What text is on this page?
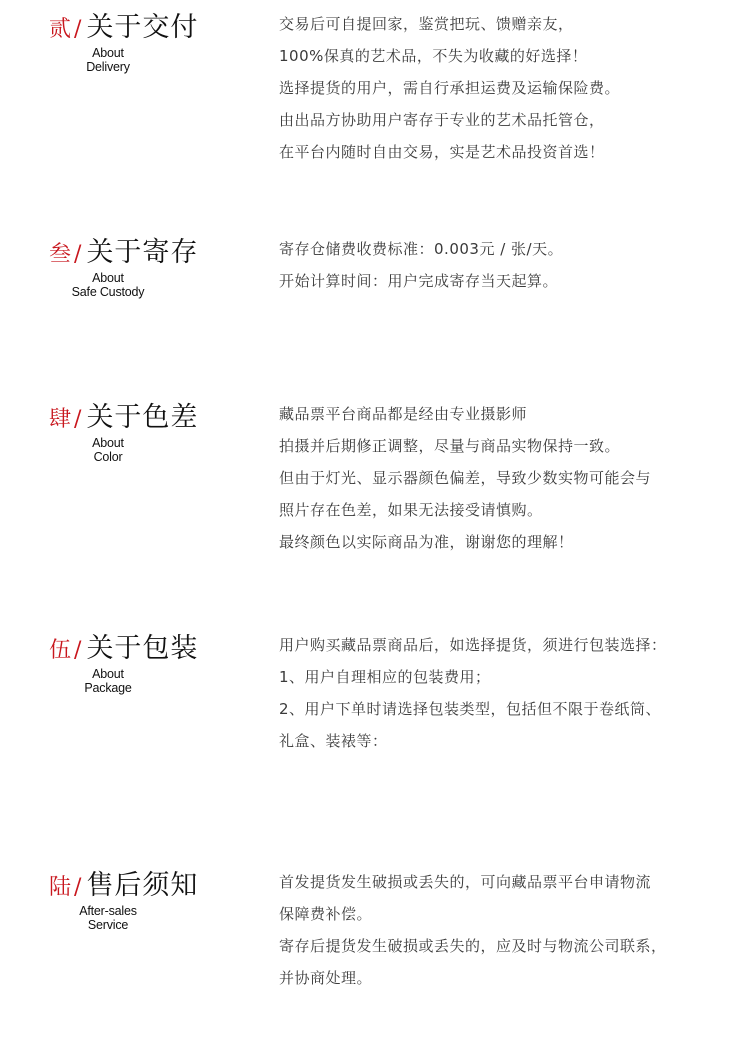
贰 / 关于交付
About
Delivery
交易后可自提回家，鉴赏把玩、馈赠亲友，
100%保真的艺术品，不失为收藏的好选择！
选择提货的用户，需自行承担运费及运输保险费。
由出品方协助用户寄存于专业的艺术品托管仓，
在平台内随时自由交易，实是艺术品投资首选！
叁 / 关于寄存
About
Safe Custody
寄存仓储费收费标准：0.003元 / 张/天。
开始计算时间：用户完成寄存当天起算。
肆 / 关于色差
About
Color
藏品票平台商品都是经由专业摄影师
拍摄并后期修正调整，尽量与商品实物保持一致。
但由于灯光、显示器颜色偏差，导致少数实物可能会与
照片存在色差，如果无法接受请慎购。
最终颜色以实际商品为准，谢谢您的理解！
伍 / 关于包装
About
Package
用户购买藏品票商品后，如选择提货，须进行包装选择：
1、用户自理相应的包装费用；
2、用户下单时请选择包装类型，包括但不限于卷纸筒、
礼盒、装裱等：
陆 / 售后须知
After-sales
Service
首发提货发生破损或丢失的，可向藏品票平台申请物流
保障费补偿。
寄存后提货发生破损或丢失的，应及时与物流公司联系，
并协商处理。
